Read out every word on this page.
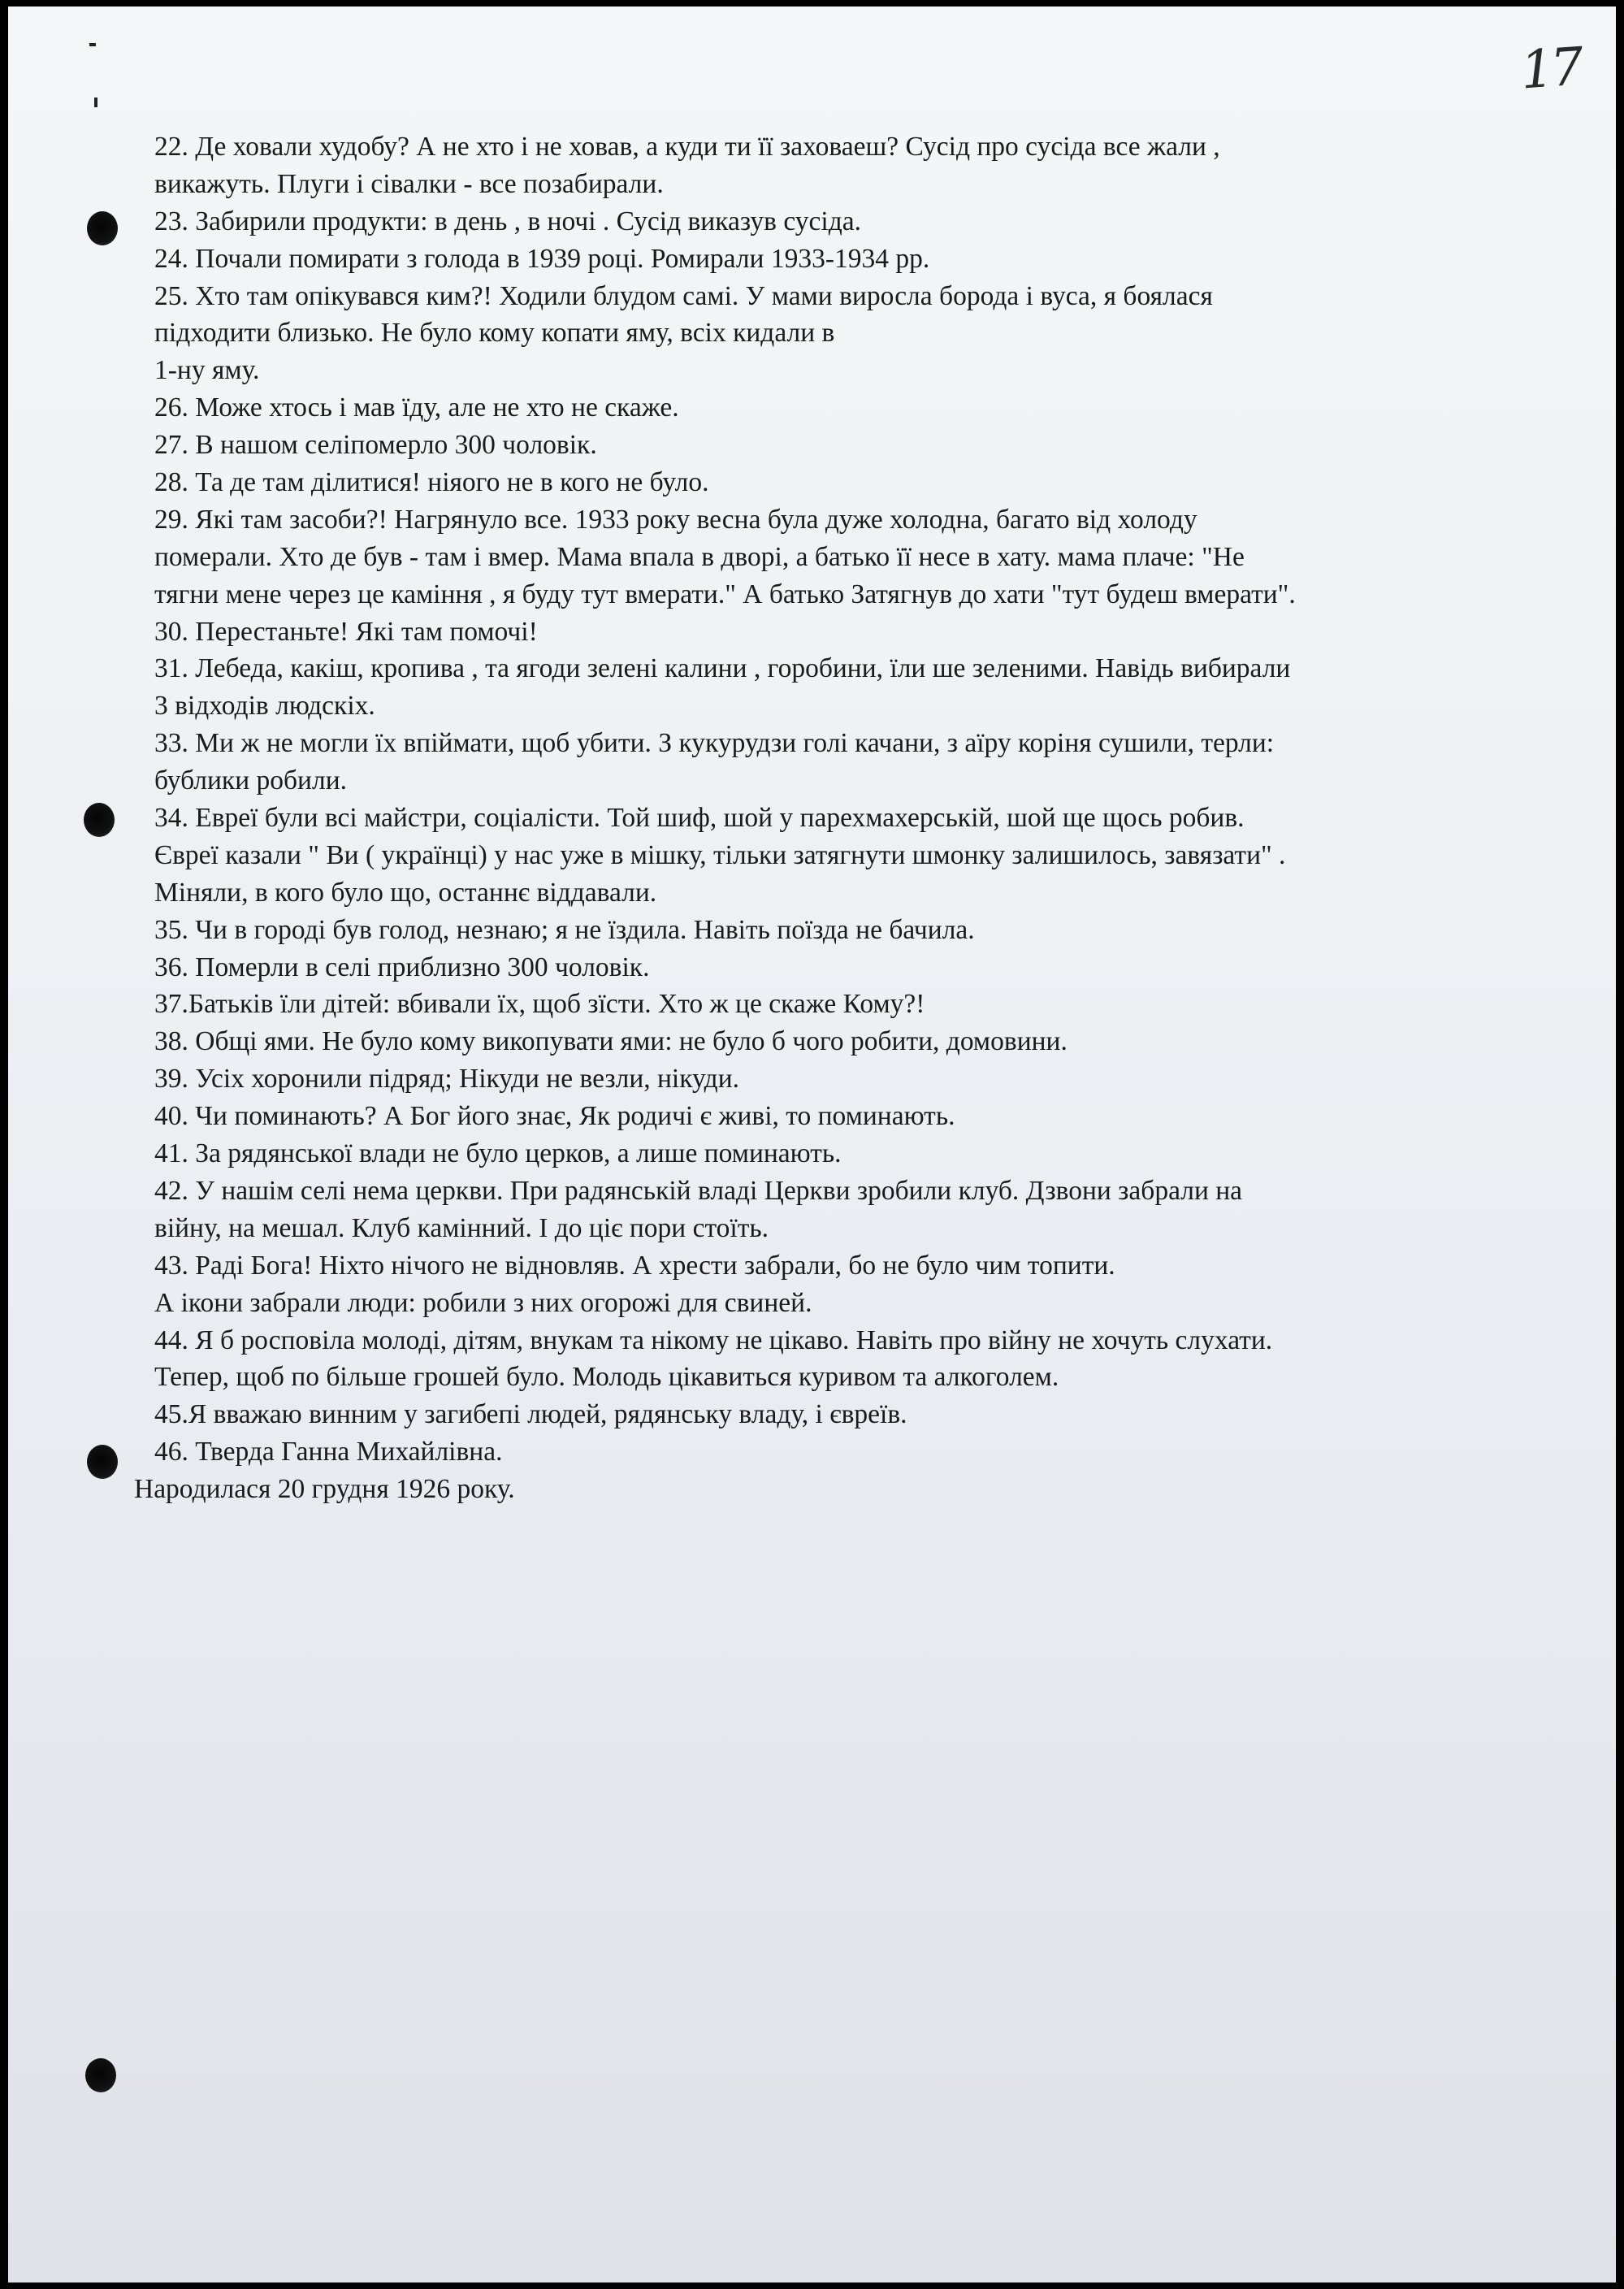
17
22. Де ховали худобу? А не хто і не ховав, а куди ти її заховаеш? Сусід про сусіда все жали ,
викажуть. Плуги і сівалки - все позабирали.
23. Забирили продукти: в день , в ночі . Сусід виказув сусіда.
24. Почали помирати з голода в 1939 році. Ромирали 1933-1934 рр.
25. Хто там опікувався ким?! Ходили блудом самі. У мами виросла борода і вуса, я боялася
підходити близько. Не було кому копати яму, всіх кидали в
1-ну яму.
26. Може хтось і мав їду, але не хто не скаже.
27. В нашом селіпомерло 300 чоловік.
28. Та де там ділитися! ніяого не в кого не було.
29. Які там засоби?! Нагрянуло все. 1933 року весна була дуже холодна, багато від холоду
померали. Хто де був - там і вмер. Мама впала в дворі, а батько її несе в хату. мама плаче: "Не
тягни мене через це каміння , я буду тут вмерати." А батько Затягнув до хати "тут будеш вмерати".
30. Перестаньте! Які там помочі!
31. Лебеда, какіш, кропива , та ягоди зелені калини , горобини, їли ше зеленими. Навідь вибирали
3 відходів людскіх.
33. Ми ж не могли їх впіймати, щоб убити. З кукурудзи голі качани, з аїру коріня сушили, терли:
бублики робили.
34. Евреї були всі майстри, соціалісти. Той шиф, шой у парехмахерській, шой ще щось робив.
Євреї казали " Ви ( українці) у нас уже в мішку, тільки затягнути шмонку залишилось, завязати" .
Міняли, в кого було що, останнє віддавали.
35. Чи в городі був голод, незнаю; я не їздила. Навіть поїзда не бачила.
36. Померли в селі приблизно 300 чоловік.
37.Батьків їли дітей: вбивали їх, щоб зїсти. Хто ж це скаже Кому?!
38. Общі ями. Не було кому викопувати ями: не було б чого робити, домовини.
39. Усіх хоронили підряд; Нікуди не везли, нікуди.
40. Чи поминають? А Бог його знає, Як родичі є живі, то поминають.
41. За рядянської влади не було церков, а лише поминають.
42. У нашім селі нема церкви. При радянській владі Церкви зробили клуб. Дзвони забрали на
війну, на мешал. Клуб камінний. І до ціє пори стоїть.
43. Раді Бога! Ніхто нічого не відновляв. А хрести забрали, бо не було чим топити.
А ікони забрали люди: робили з них огорожі для свиней.
44. Я б росповіла молоді, дітям, внукам та нікому не цікаво. Навіть про війну не хочуть слухати.
Тепер, щоб по більше грошей було. Молодь цікавиться куривом та алкоголем.
45.Я вважаю винним у загибепі людей, рядянську владу, і євреїв.
46. Тверда Ганна Михайлівна.
Народилася 20 грудня 1926 року.
